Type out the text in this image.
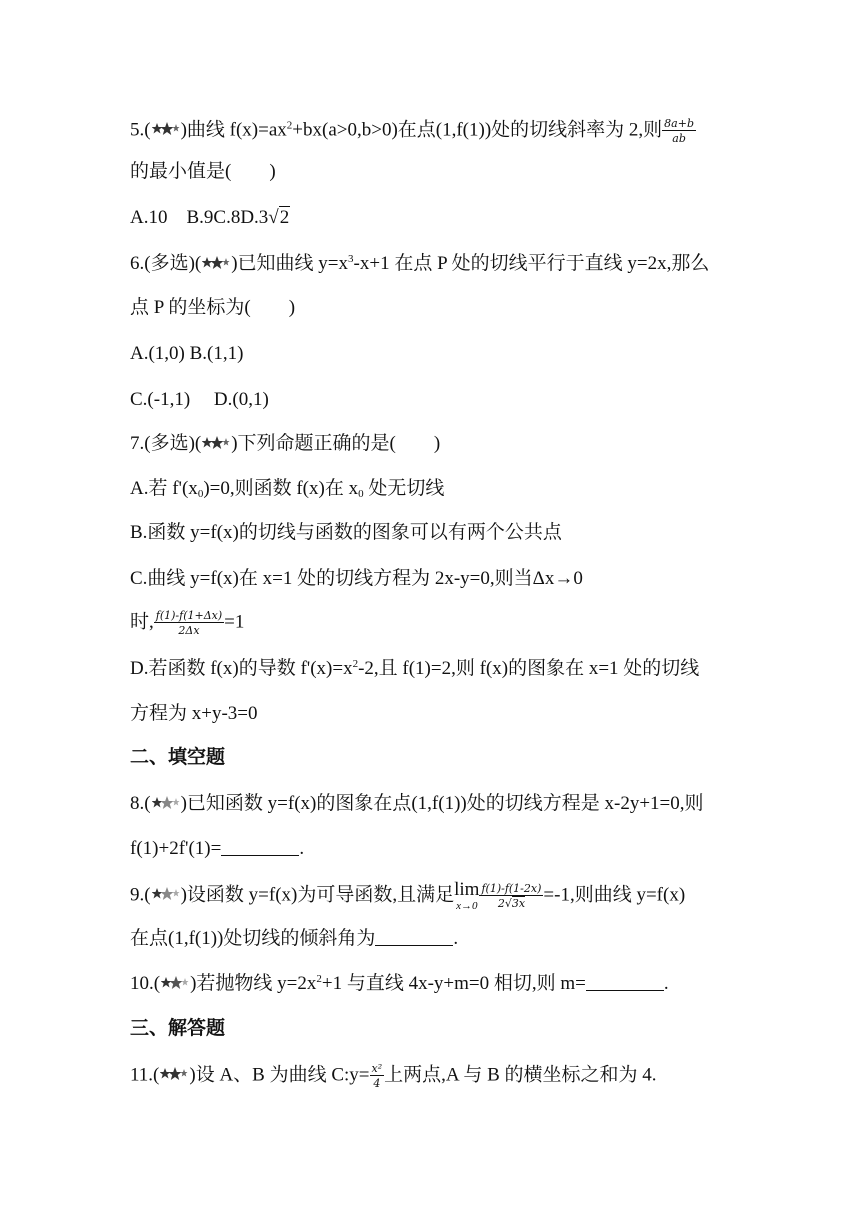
5.( )曲线 $f(x)=ax^2+bx(a>0,b>0)$在点(1,f(1))处的切线斜率为 2,则 $\frac{8a+b}{ab}$
的最小值是( )
A.10    B.9C.8D.3√2
6.(多选)( )已知曲线 $y=x^3-x+1$ 在点 P 处的切线平行于直线 y=2x,那么
点 P 的坐标为( )
A.(1,0) B.(1,1)
C.(-1,1)     D.(0,1)
7.(多选)( )下列命题正确的是( )
A.若 $f'(x_0)=0$,则函数 f(x)在 $x_0$ 处无切线
B.函数 y=f(x)的切线与函数的图象可以有两个公共点
C.曲线 y=f(x)在 x=1 处的切线方程为 2x-y=0,则当Δx→0
时, $\frac{f(1)-f(1+\Delta x)}{2\Delta x} =1$
D.若函数 f(x)的导数 $f'(x)=x^2-2$,且 f(1)=2,则 f(x)的图象在 x=1 处的切线
方程为 x+y-3=0
二、填空题
8.( )已知函数 y=f(x)的图象在点(1,f(1))处的切线方程是 x-2y+1=0,则
f(1)+2f'(1)=	.
9.( )设函数 y=f(x)为可导函数,且满足 lim
$x\to 0 \frac{f(1)-f(1-2x)}{2√3x} =-1$,则曲线 y=f(x)
在点(1,f(1))处切线的倾斜角为	.
10.( )若抛物线 $y=2x^2+1$ 与直线 4x-y+m=0 相切,则 m=	.
三、解答题
11.( )设 A、B 为曲线 C:y= $\frac{\text{x²}}{4}$ 上两点,A 与 B 的横坐标之和为 4.
